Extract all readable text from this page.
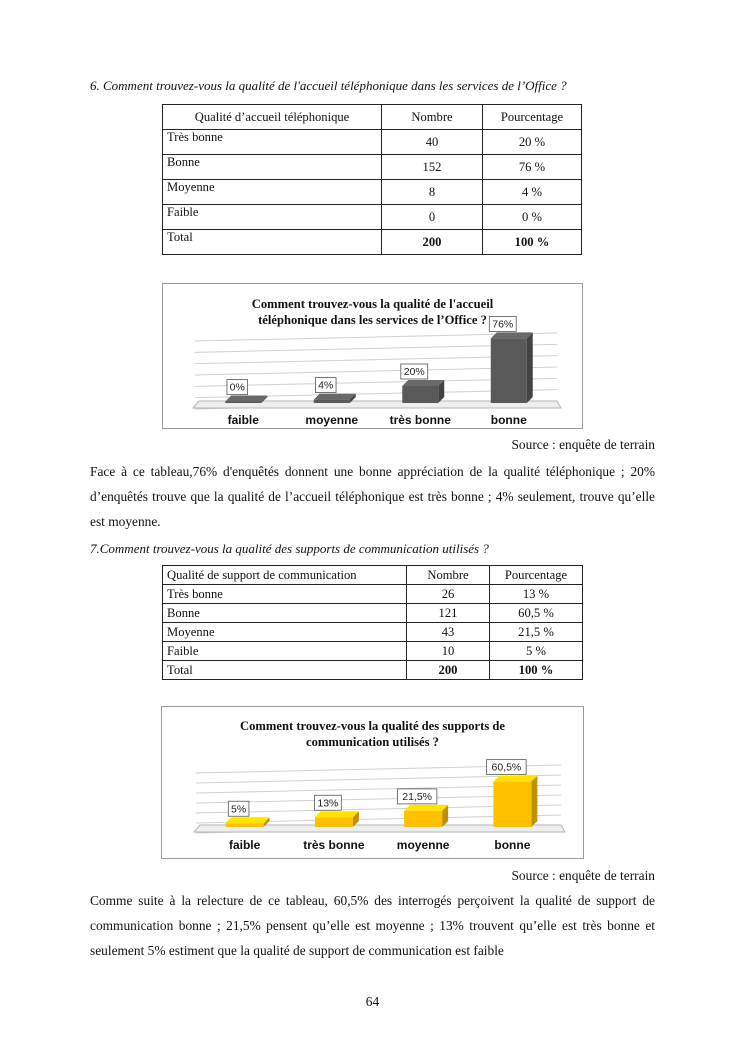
6. Comment trouvez-vous la qualité de l'accueil téléphonique dans les services de l’Office ?
Qualité d’accueil téléphonique	Nombre	Pourcentage
Très bonne	40	20 %
Bonne	152	76 %
Moyenne	8	4 %
Faible	0	0 %
Total	200	100 %
Comment trouvez-vous la qualité de l'accueil
téléphonique dans les services de l’Office ?
0%
faible
4%
moyenne
20%
très bonne
76%
bonne
Source : enquête de terrain
Face à ce tableau,76% d'enquêtés donnent une bonne appréciation de la qualité téléphonique ; 20% d’enquêtés trouve que la qualité de l’accueil téléphonique est très bonne ; 4% seulement, trouve qu’elle est moyenne.
7.Comment trouvez-vous la qualité des supports de communication utilisés ?
Qualité de support de communication	Nombre	Pourcentage
Très bonne	26	13 %
Bonne	121	60,5 %
Moyenne	43	21,5 %
Faible	10	5 %
Total	200	100 %
Comment trouvez-vous la qualité des supports de
communication utilisés ?
5%
faible
13%
très bonne
21,5%
moyenne
60,5%
bonne
Source : enquête de terrain
Comme suite à la relecture de ce tableau, 60,5% des interrogés perçoivent la qualité de support de communication bonne ; 21,5% pensent qu’elle est moyenne ; 13% trouvent qu’elle est très bonne et seulement 5% estiment que la qualité de support de communication est faible
64
